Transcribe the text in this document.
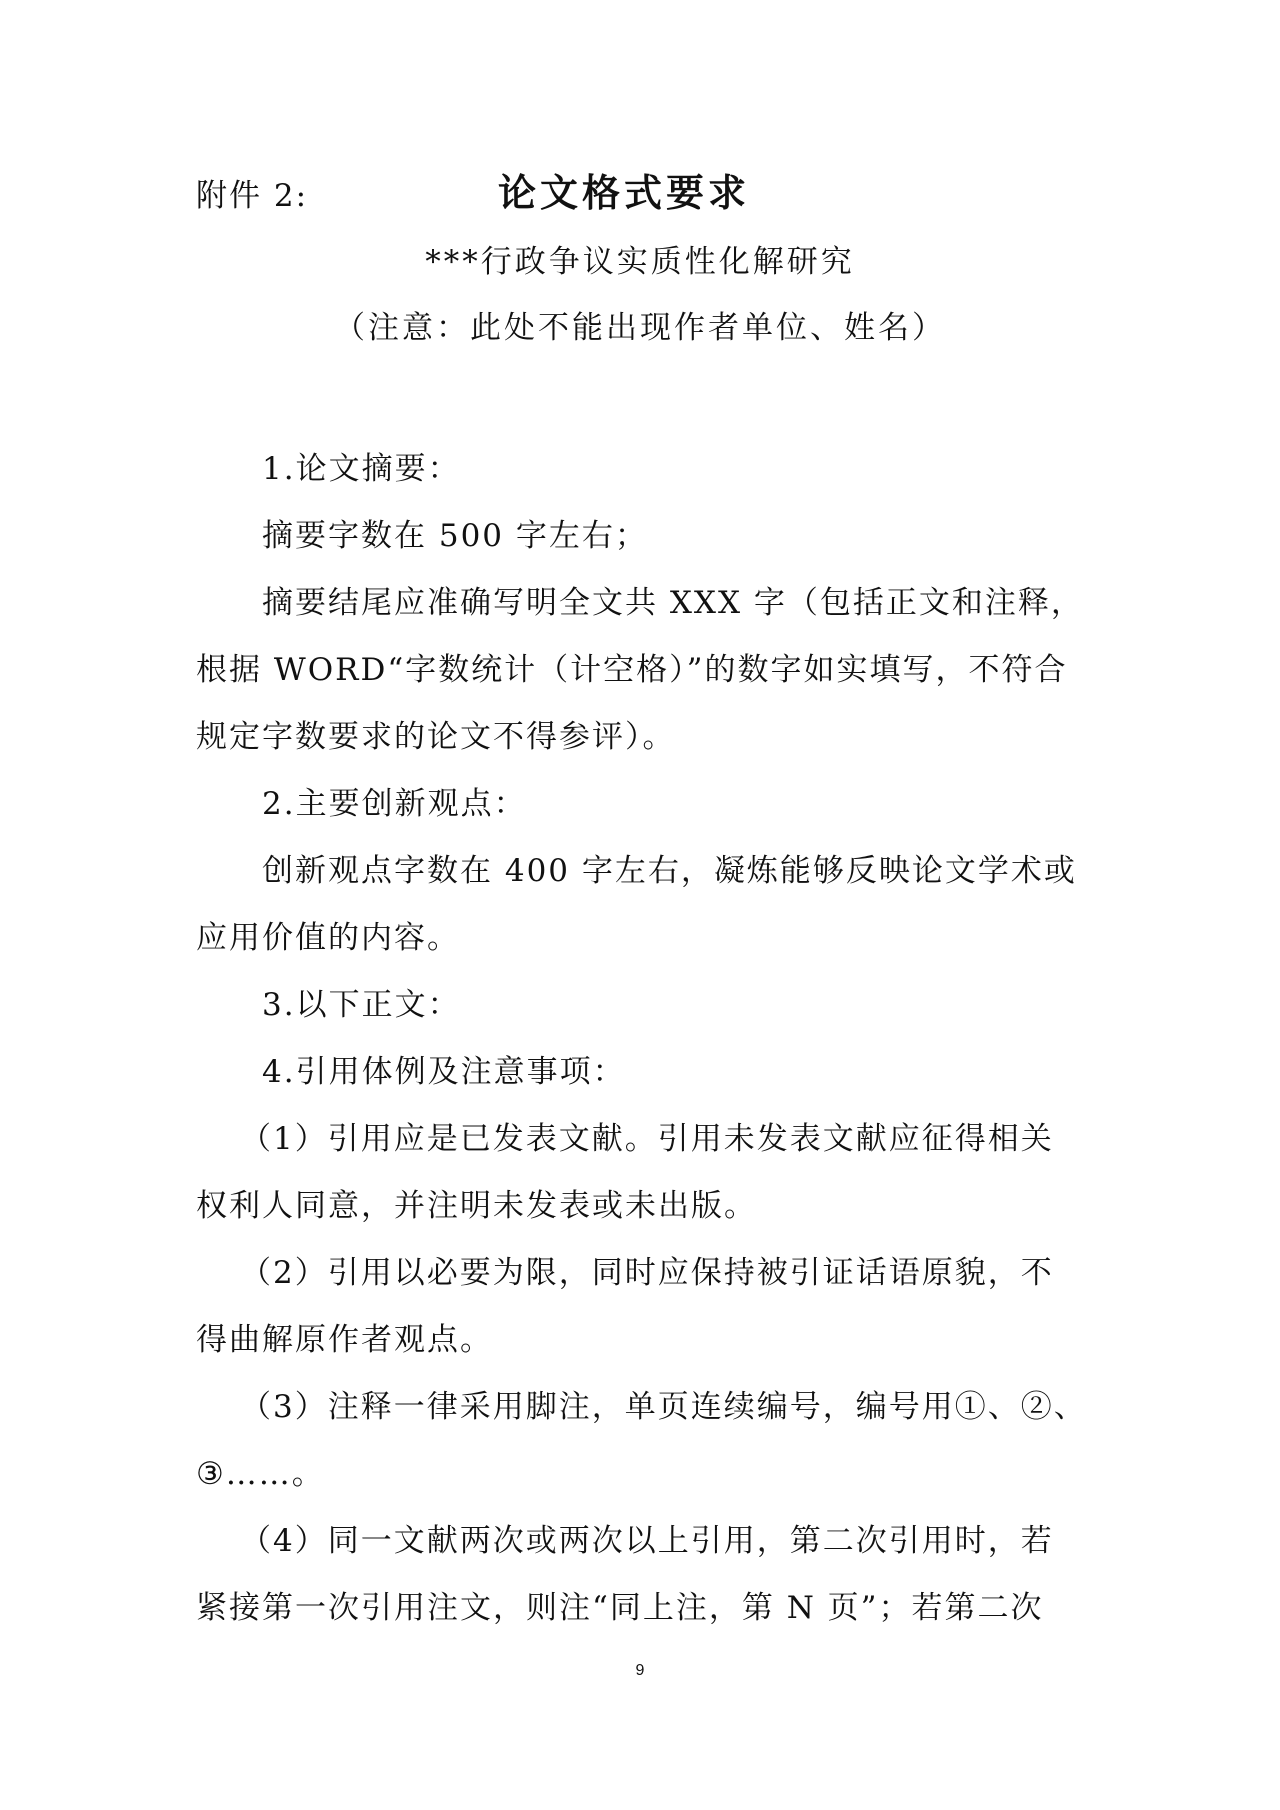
附件 2:	论文格式要求
***行政争议实质性化解研究
（注意：此处不能出现作者单位、姓名）

1.论文摘要：

摘要字数在 500 字左右；

摘要结尾应准确写明全文共 XXX 字（包括正文和注释，

根据 WORD“字数统计（计空格）”的数字如实填写，不符合

规定字数要求的论文不得参评）。

2.主要创新观点：

创新观点字数在 400 字左右，凝炼能够反映论文学术或

应用价值的内容。

3.以下正文：

4.引用体例及注意事项：

（1）引用应是已发表文献。引用未发表文献应征得相关

权利人同意，并注明未发表或未出版。

（2）引用以必要为限，同时应保持被引证话语原貌，不

得曲解原作者观点。

（3）注释一律采用脚注，单页连续编号，编号用①、②、

③……。

（4）同一文献两次或两次以上引用，第二次引用时，若

紧接第一次引用注文，则注“同上注，第 N 页”；若第二次

9
